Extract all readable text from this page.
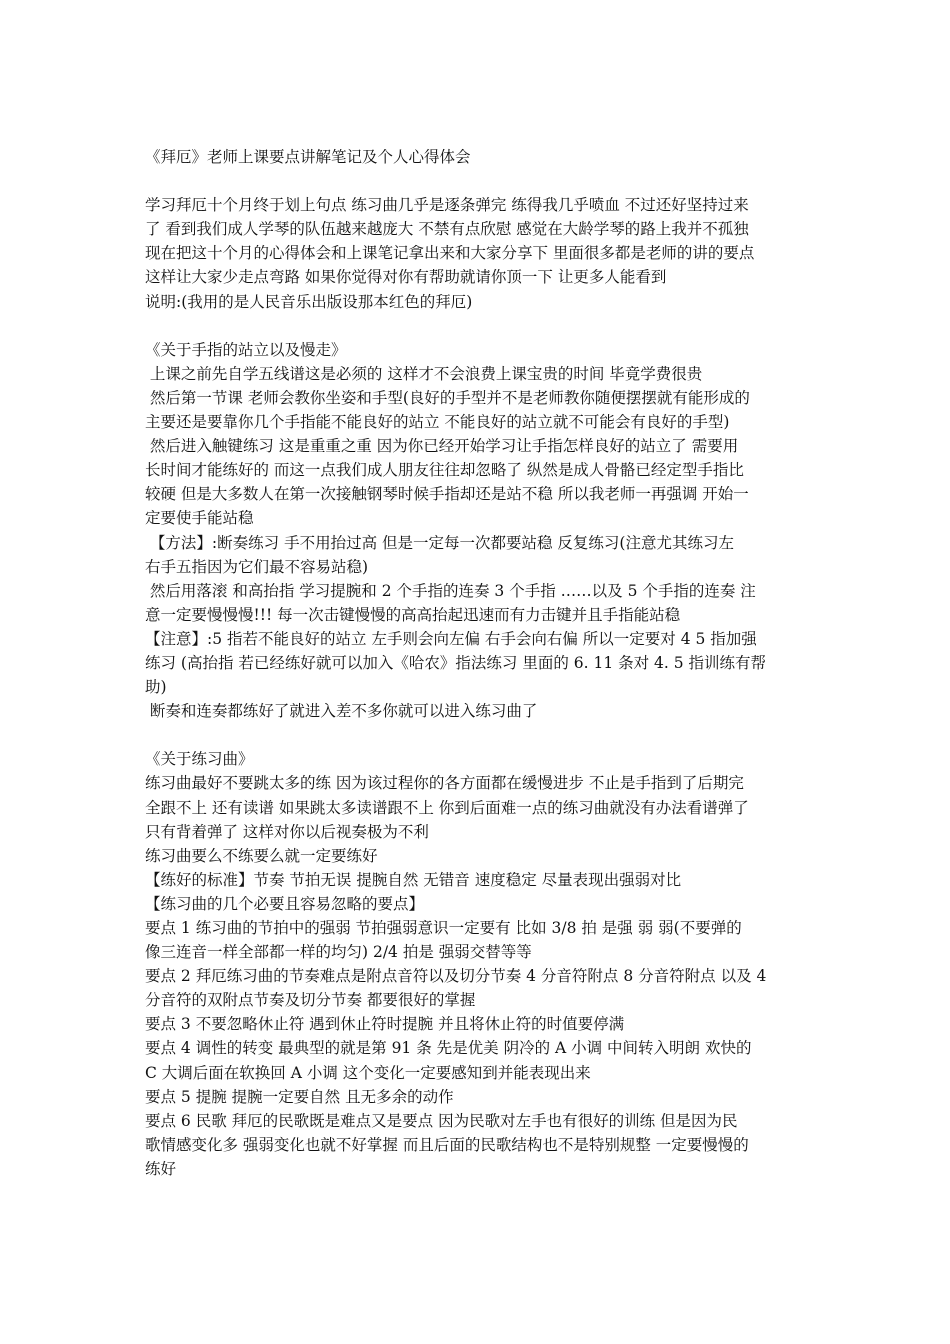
《拜厄》老师上课要点讲解笔记及个人心得体会
学习拜厄十个月终于划上句点 练习曲几乎是逐条弹完 练得我几乎喷血 不过还好坚持过来
了 看到我们成人学琴的队伍越来越庞大 不禁有点欣慰 感觉在大龄学琴的路上我并不孤独
现在把这十个月的心得体会和上课笔记拿出来和大家分享下 里面很多都是老师的讲的要点
这样让大家少走点弯路 如果你觉得对你有帮助就请你顶一下 让更多人能看到
说明:(我用的是人民音乐出版设那本红色的拜厄)
《关于手指的站立以及慢走》
上课之前先自学五线谱这是必须的 这样才不会浪费上课宝贵的时间 毕竟学费很贵
然后第一节课 老师会教你坐姿和手型(良好的手型并不是老师教你随便摆摆就有能形成的
主要还是要靠你几个手指能不能良好的站立 不能良好的站立就不可能会有良好的手型)
然后进入触键练习 这是重重之重 因为你已经开始学习让手指怎样良好的站立了 需要用
长时间才能练好的 而这一点我们成人朋友往往却忽略了 纵然是成人骨骼已经定型手指比
较硬 但是大多数人在第一次接触钢琴时候手指却还是站不稳 所以我老师一再强调 开始一
定要使手能站稳
【方法】:断奏练习 手不用抬过高 但是一定每一次都要站稳 反复练习(注意尤其练习左
右手五指因为它们最不容易站稳)
然后用落滚 和高抬指 学习提腕和 2 个手指的连奏 3 个手指 ……以及 5 个手指的连奏 注
意一定要慢慢慢!!! 每一次击键慢慢的高高抬起迅速而有力击键并且手指能站稳
【注意】:5 指若不能良好的站立 左手则会向左偏 右手会向右偏 所以一定要对 4 5 指加强
练习 (高抬指 若已经练好就可以加入《哈农》指法练习 里面的 6. 11 条对 4. 5 指训练有帮
助)
断奏和连奏都练好了就进入差不多你就可以进入练习曲了
《关于练习曲》
练习曲最好不要跳太多的练 因为该过程你的各方面都在缓慢进步 不止是手指到了后期完
全跟不上 还有读谱 如果跳太多读谱跟不上 你到后面难一点的练习曲就没有办法看谱弹了
只有背着弹了 这样对你以后视奏极为不利
练习曲要么不练要么就一定要练好
【练好的标准】节奏 节拍无误 提腕自然 无错音 速度稳定 尽量表现出强弱对比
【练习曲的几个必要且容易忽略的要点】
要点 1 练习曲的节拍中的强弱 节拍强弱意识一定要有 比如 3/8 拍 是强 弱 弱(不要弹的
像三连音一样全部都一样的均匀) 2/4 拍是 强弱交替等等
要点 2 拜厄练习曲的节奏难点是附点音符以及切分节奏 4 分音符附点 8 分音符附点 以及 4
分音符的双附点节奏及切分节奏 都要很好的掌握
要点 3 不要忽略休止符 遇到休止符时提腕 并且将休止符的时值要停满
要点 4 调性的转变 最典型的就是第 91 条 先是优美 阴冷的 A 小调 中间转入明朗 欢快的
C 大调后面在软换回 A 小调 这个变化一定要感知到并能表现出来
要点 5 提腕 提腕一定要自然 且无多余的动作
要点 6 民歌 拜厄的民歌既是难点又是要点 因为民歌对左手也有很好的训练 但是因为民
歌情感变化多 强弱变化也就不好掌握 而且后面的民歌结构也不是特别规整 一定要慢慢的
练好
